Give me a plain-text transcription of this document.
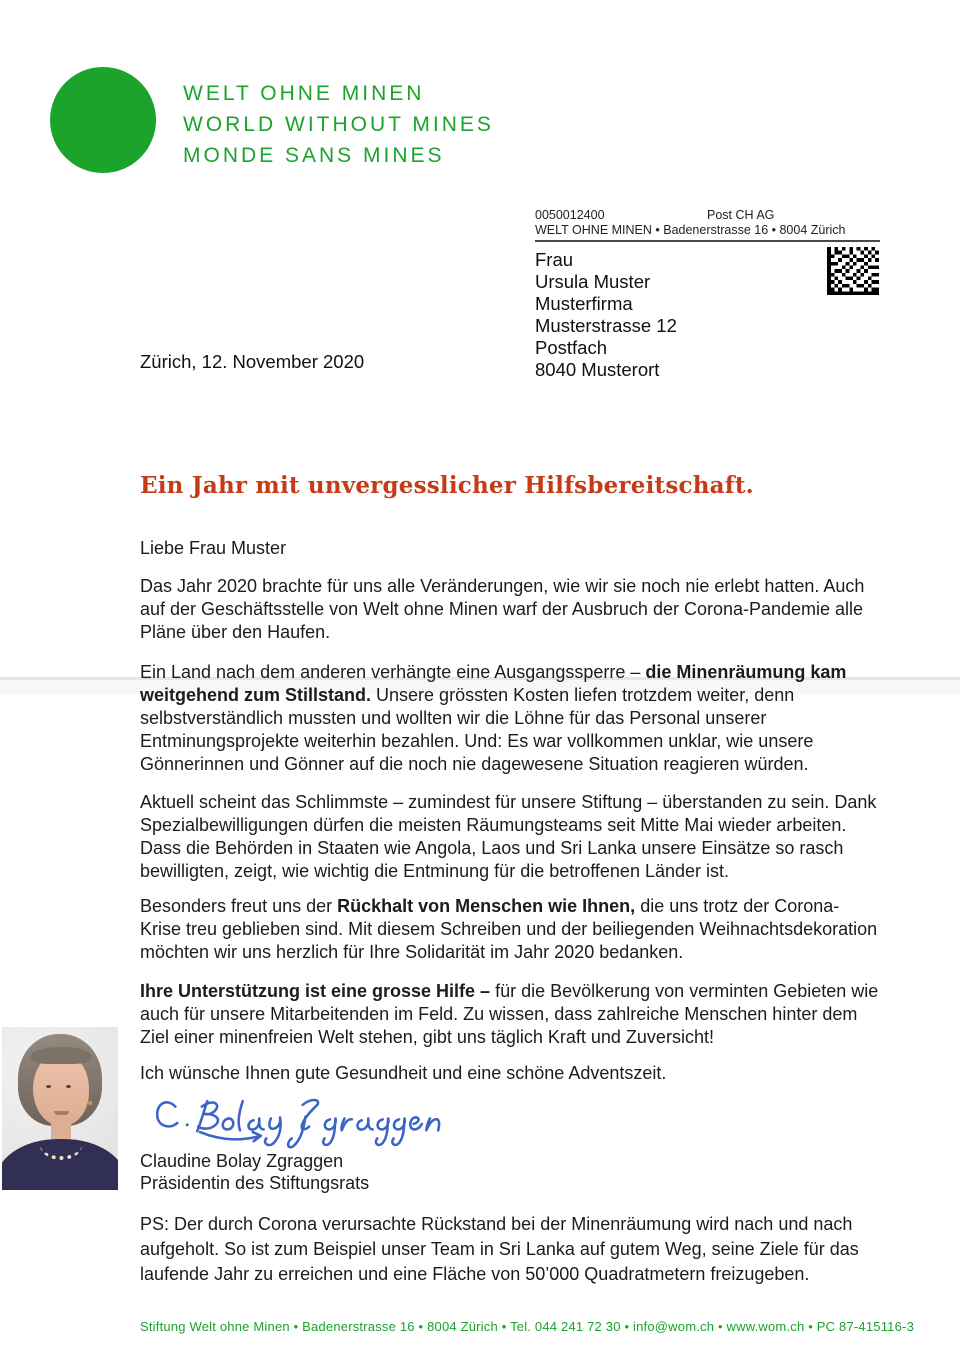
WELT OHNE MINEN
WORLD WITHOUT MINES
MONDE SANS MINES
0050012400	Post CH AG
WELT OHNE MINEN • Badenerstrasse 16 • 8004 Zürich
Frau
Ursula Muster
Musterfirma
Musterstrasse 12
Postfach
8040 Musterort
Zürich, 12. November 2020
Ein Jahr mit unvergesslicher Hilfsbereitschaft.
Liebe Frau Muster
Das Jahr 2020 brachte für uns alle Veränderungen, wie wir sie noch nie erlebt hatten. Auch auf der Geschäftsstelle von Welt ohne Minen warf der Ausbruch der Corona-Pandemie alle Pläne über den Haufen.
Ein Land nach dem anderen verhängte eine Ausgangssperre – die Minenräumung kam weitgehend zum Stillstand. Unsere grössten Kosten liefen trotzdem weiter, denn selbstverständlich mussten und wollten wir die Löhne für das Personal unserer Entminungsprojekte weiterhin bezahlen. Und: Es war vollkommen unklar, wie unsere Gönnerinnen und Gönner auf die noch nie dagewesene Situation reagieren würden.
Aktuell scheint das Schlimmste – zumindest für unsere Stiftung – überstanden zu sein. Dank Spezialbewilligungen dürfen die meisten Räumungsteams seit Mitte Mai wieder arbeiten. Dass die Behörden in Staaten wie Angola, Laos und Sri Lanka unsere Einsätze so rasch bewilligten, zeigt, wie wichtig die Entminung für die betroffenen Länder ist.
Besonders freut uns der Rückhalt von Menschen wie Ihnen, die uns trotz der Corona-Krise treu geblieben sind. Mit diesem Schreiben und der beiliegenden Weihnachtsdekoration möchten wir uns herzlich für Ihre Solidarität im Jahr 2020 bedanken.
Ihre Unterstützung ist eine grosse Hilfe – für die Bevölkerung von verminten Gebieten wie auch für unsere Mitarbeitenden im Feld. Zu wissen, dass zahlreiche Menschen hinter dem Ziel einer minenfreien Welt stehen, gibt uns täglich Kraft und Zuversicht!
Ich wünsche Ihnen gute Gesundheit und eine schöne Adventszeit.
Claudine Bolay Zgraggen
Präsidentin des Stiftungsrats
PS: Der durch Corona verursachte Rückstand bei der Minenräumung wird nach und nach aufgeholt. So ist zum Beispiel unser Team in Sri Lanka auf gutem Weg, seine Ziele für das laufende Jahr zu erreichen und eine Fläche von 50’000 Quadratmetern freizugeben.
Stiftung Welt ohne Minen • Badenerstrasse 16 • 8004 Zürich • Tel. 044 241 72 30 • info@wom.ch • www.wom.ch • PC 87-415116-3
